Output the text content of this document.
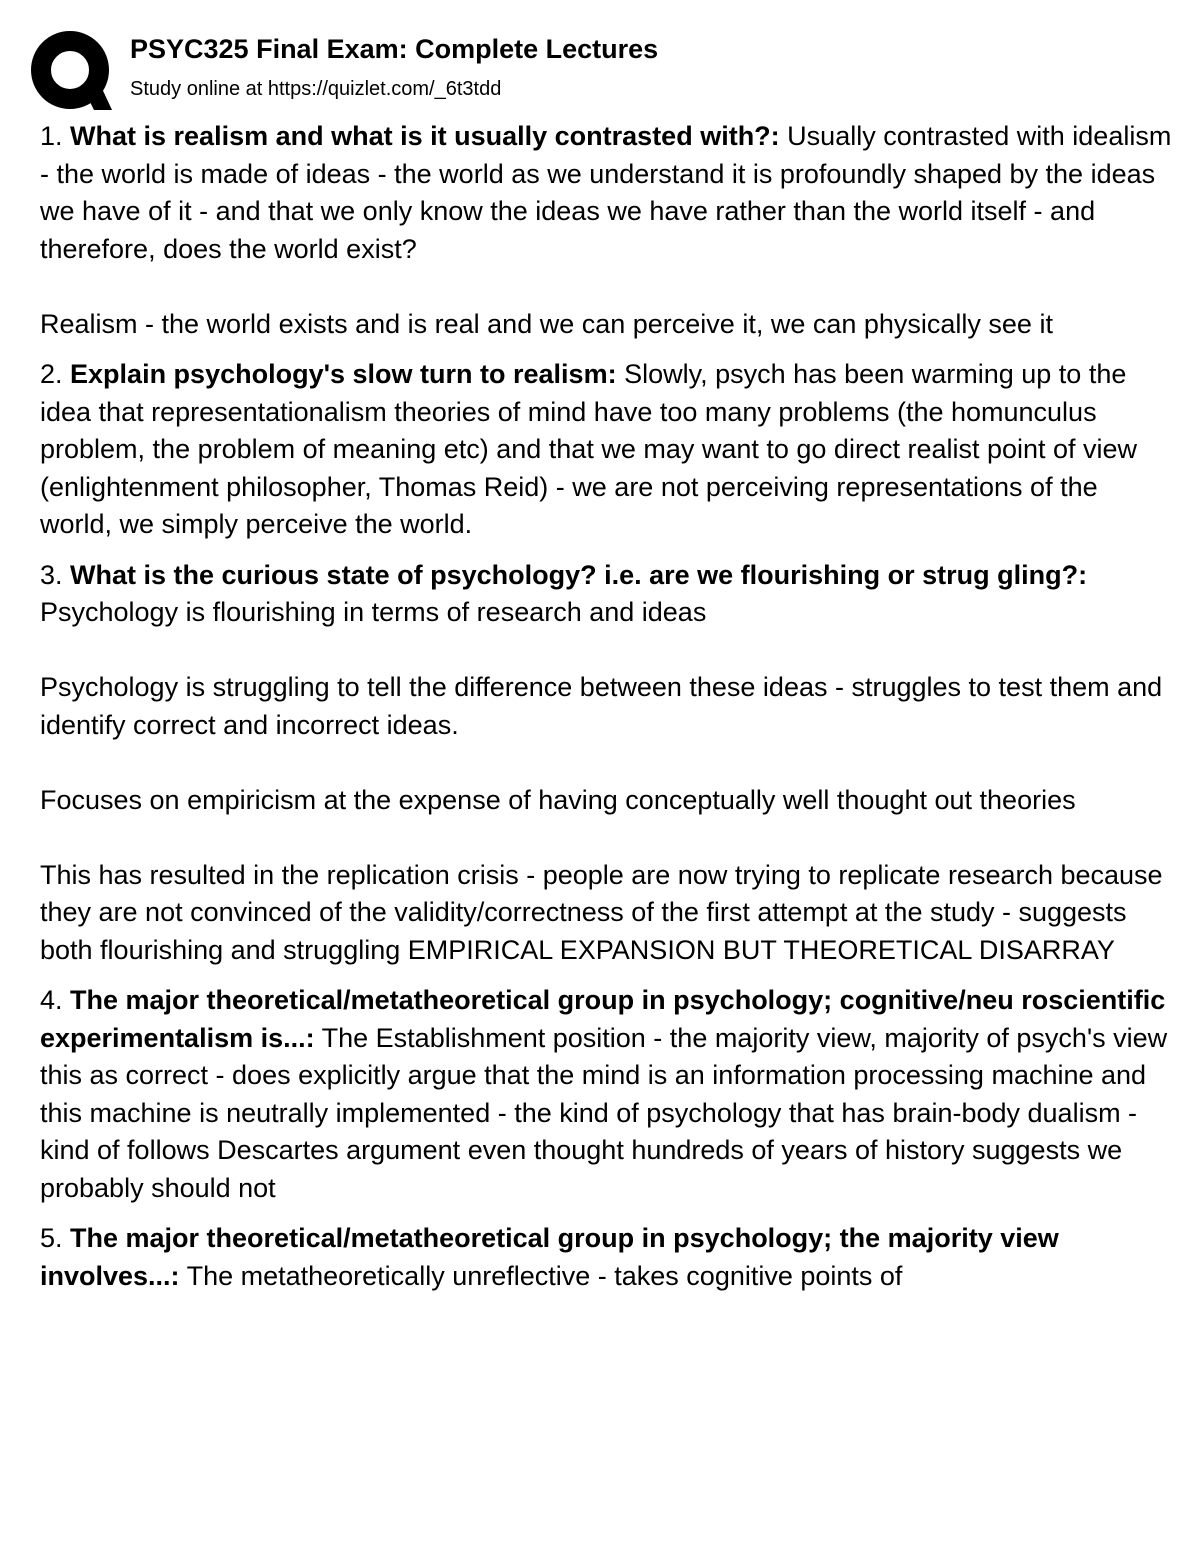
PSYC325 Final Exam: Complete Lectures
Study online at https://quizlet.com/_6t3tdd

1. What is realism and what is it usually contrasted with?: Usually contrasted with idealism - the world is made of ideas - the world as we understand it is profoundly shaped by the ideas we have of it - and that we only know the ideas we have rather than the world itself - and therefore, does the world exist?

Realism - the world exists and is real and we can perceive it, we can physically see it

2. Explain psychology's slow turn to realism: Slowly, psych has been warming up to the idea that representationalism theories of mind have too many problems (the homunculus problem, the problem of meaning etc) and that we may want to go direct realist point of view (enlightenment philosopher, Thomas Reid) - we are not perceiving representations of the world, we simply perceive the world.

3. What is the curious state of psychology? i.e. are we flourishing or strug gling?: Psychology is flourishing in terms of research and ideas

Psychology is struggling to tell the difference between these ideas - struggles to test them and identify correct and incorrect ideas.

Focuses on empiricism at the expense of having conceptually well thought out theories

This has resulted in the replication crisis - people are now trying to replicate research because they are not convinced of the validity/correctness of the first attempt at the study - suggests both flourishing and struggling EMPIRICAL EXPANSION BUT THEORETICAL DISARRAY

4. The major theoretical/metatheoretical group in psychology; cognitive/neu roscientific experimentalism is...: The Establishment position - the majority view, majority of psych's view this as correct - does explicitly argue that the mind is an information processing machine and this machine is neutrally implemented - the kind of psychology that has brain-body dualism - kind of follows Descartes argument even thought hundreds of years of history suggests we probably should not

5. The major theoretical/metatheoretical group in psychology; the majority view involves...: The metatheoretically unreflective - takes cognitive points of
